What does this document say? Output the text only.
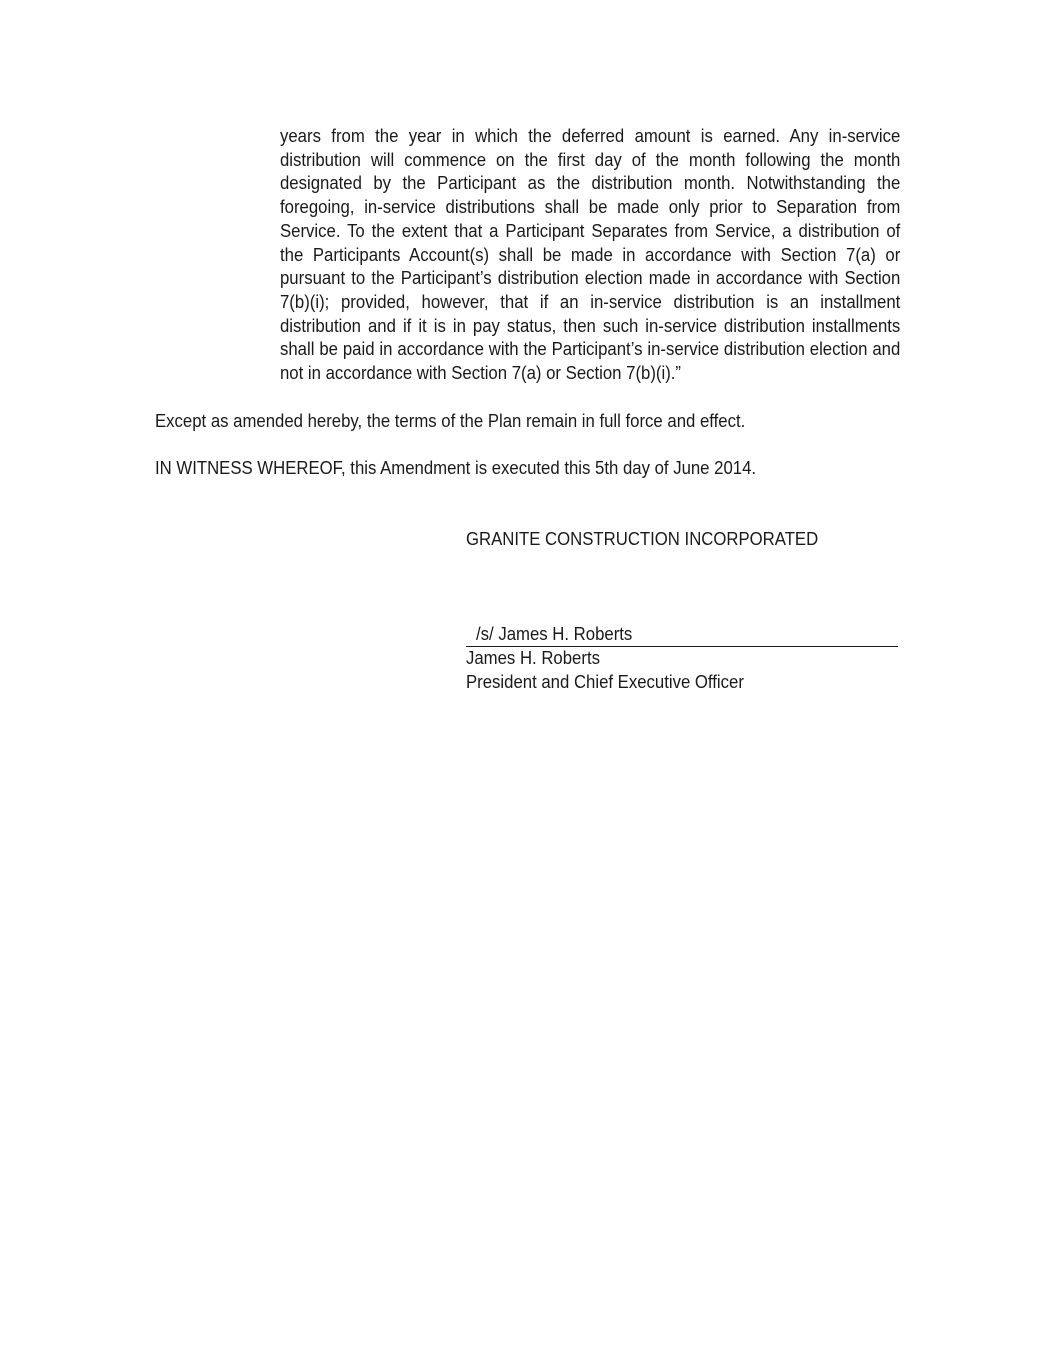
years from the year in which the deferred amount is earned. Any in-service distribution will commence on the first day of the month following the month designated by the Participant as the distribution month. Notwithstanding the foregoing, in-service distributions shall be made only prior to Separation from Service. To the extent that a Participant Separates from Service, a distribution of the Participants Account(s) shall be made in accordance with Section 7(a) or pursuant to the Participant’s distribution election made in accordance with Section 7(b)(i); provided, however, that if an in-service distribution is an installment distribution and if it is in pay status, then such in-service distribution installments shall be paid in accordance with the Participant’s in-service distribution election and not in accordance with Section 7(a) or Section 7(b)(i).”
Except as amended hereby, the terms of the Plan remain in full force and effect.
IN WITNESS WHEREOF, this Amendment is executed this 5th day of June 2014.
GRANITE CONSTRUCTION INCORPORATED
/s/ James H. Roberts
James H. Roberts
President and Chief Executive Officer
